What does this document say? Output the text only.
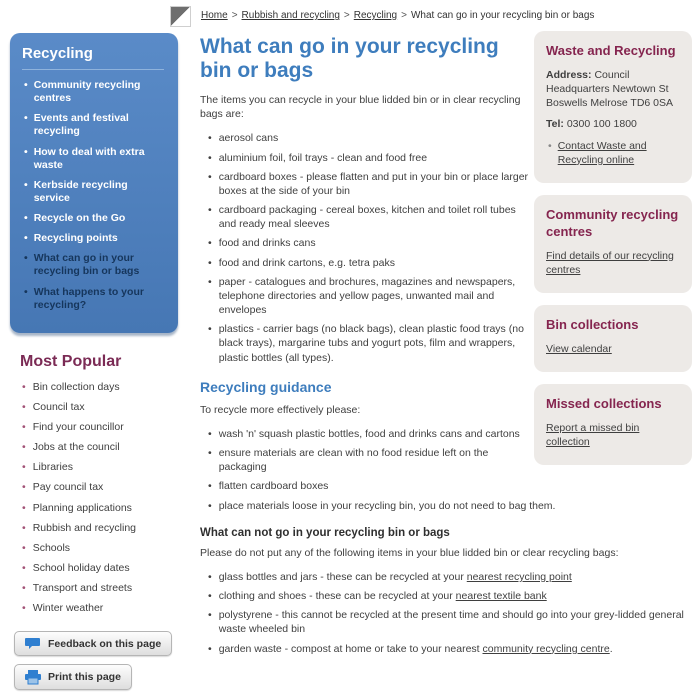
Home > Rubbish and recycling > Recycling > What can go in your recycling bin or bags
Recycling
• Community recycling centres
• Events and festival recycling
• How to deal with extra waste
• Kerbside recycling service
• Recycle on the Go
• Recycling points
• What can go in your recycling bin or bags
• What happens to your recycling?
Most Popular
• Bin collection days
• Council tax
• Find your councillor
• Jobs at the council
• Libraries
• Pay council tax
• Planning applications
• Rubbish and recycling
• Schools
• School holiday dates
• Transport and streets
• Winter weather
Feedback on this page
Print this page
Waste and Recycling

Address: Council Headquarters Newtown St Boswells Melrose TD6 0SA

Tel: 0300 100 1800

• Contact Waste and Recycling online
Community recycling centres
Find details of our recycling centres
Bin collections
View calendar
Missed collections
Report a missed bin collection
What can go in your recycling bin or bags

The items you can recycle in your blue lidded bin or in clear recycling bags are:

• aerosol cans
• aluminium foil, foil trays - clean and food free
• cardboard boxes - please flatten and put in your bin or place larger boxes at the side of your bin
• cardboard packaging - cereal boxes, kitchen and toilet roll tubes and ready meal sleeves
• food and drinks cans
• food and drink cartons, e.g. tetra paks
• paper - catalogues and brochures, magazines and newspapers, telephone directories and yellow pages, unwanted mail and envelopes
• plastics - carrier bags (no black bags), clean plastic food trays (no black trays), margarine tubs and yogurt pots, film and wrappers, plastic bottles (all types).
Recycling guidance

To recycle more effectively please:

• wash 'n' squash plastic bottles, food and drinks cans and cartons
• ensure materials are clean with no food residue left on the packaging
• flatten cardboard boxes
• place materials loose in your recycling bin, you do not need to bag them.
What can not go in your recycling bin or bags

Please do not put any of the following items in your blue lidded bin or clear recycling bags:

• glass bottles and jars - these can be recycled at your nearest recycling point
• clothing and shoes - these can be recycled at your nearest textile bank
• polystyrene - this cannot be recycled at the present time and should go into your grey-lidded general waste wheeled bin
• garden waste - compost at home or take to your nearest community recycling centre.
